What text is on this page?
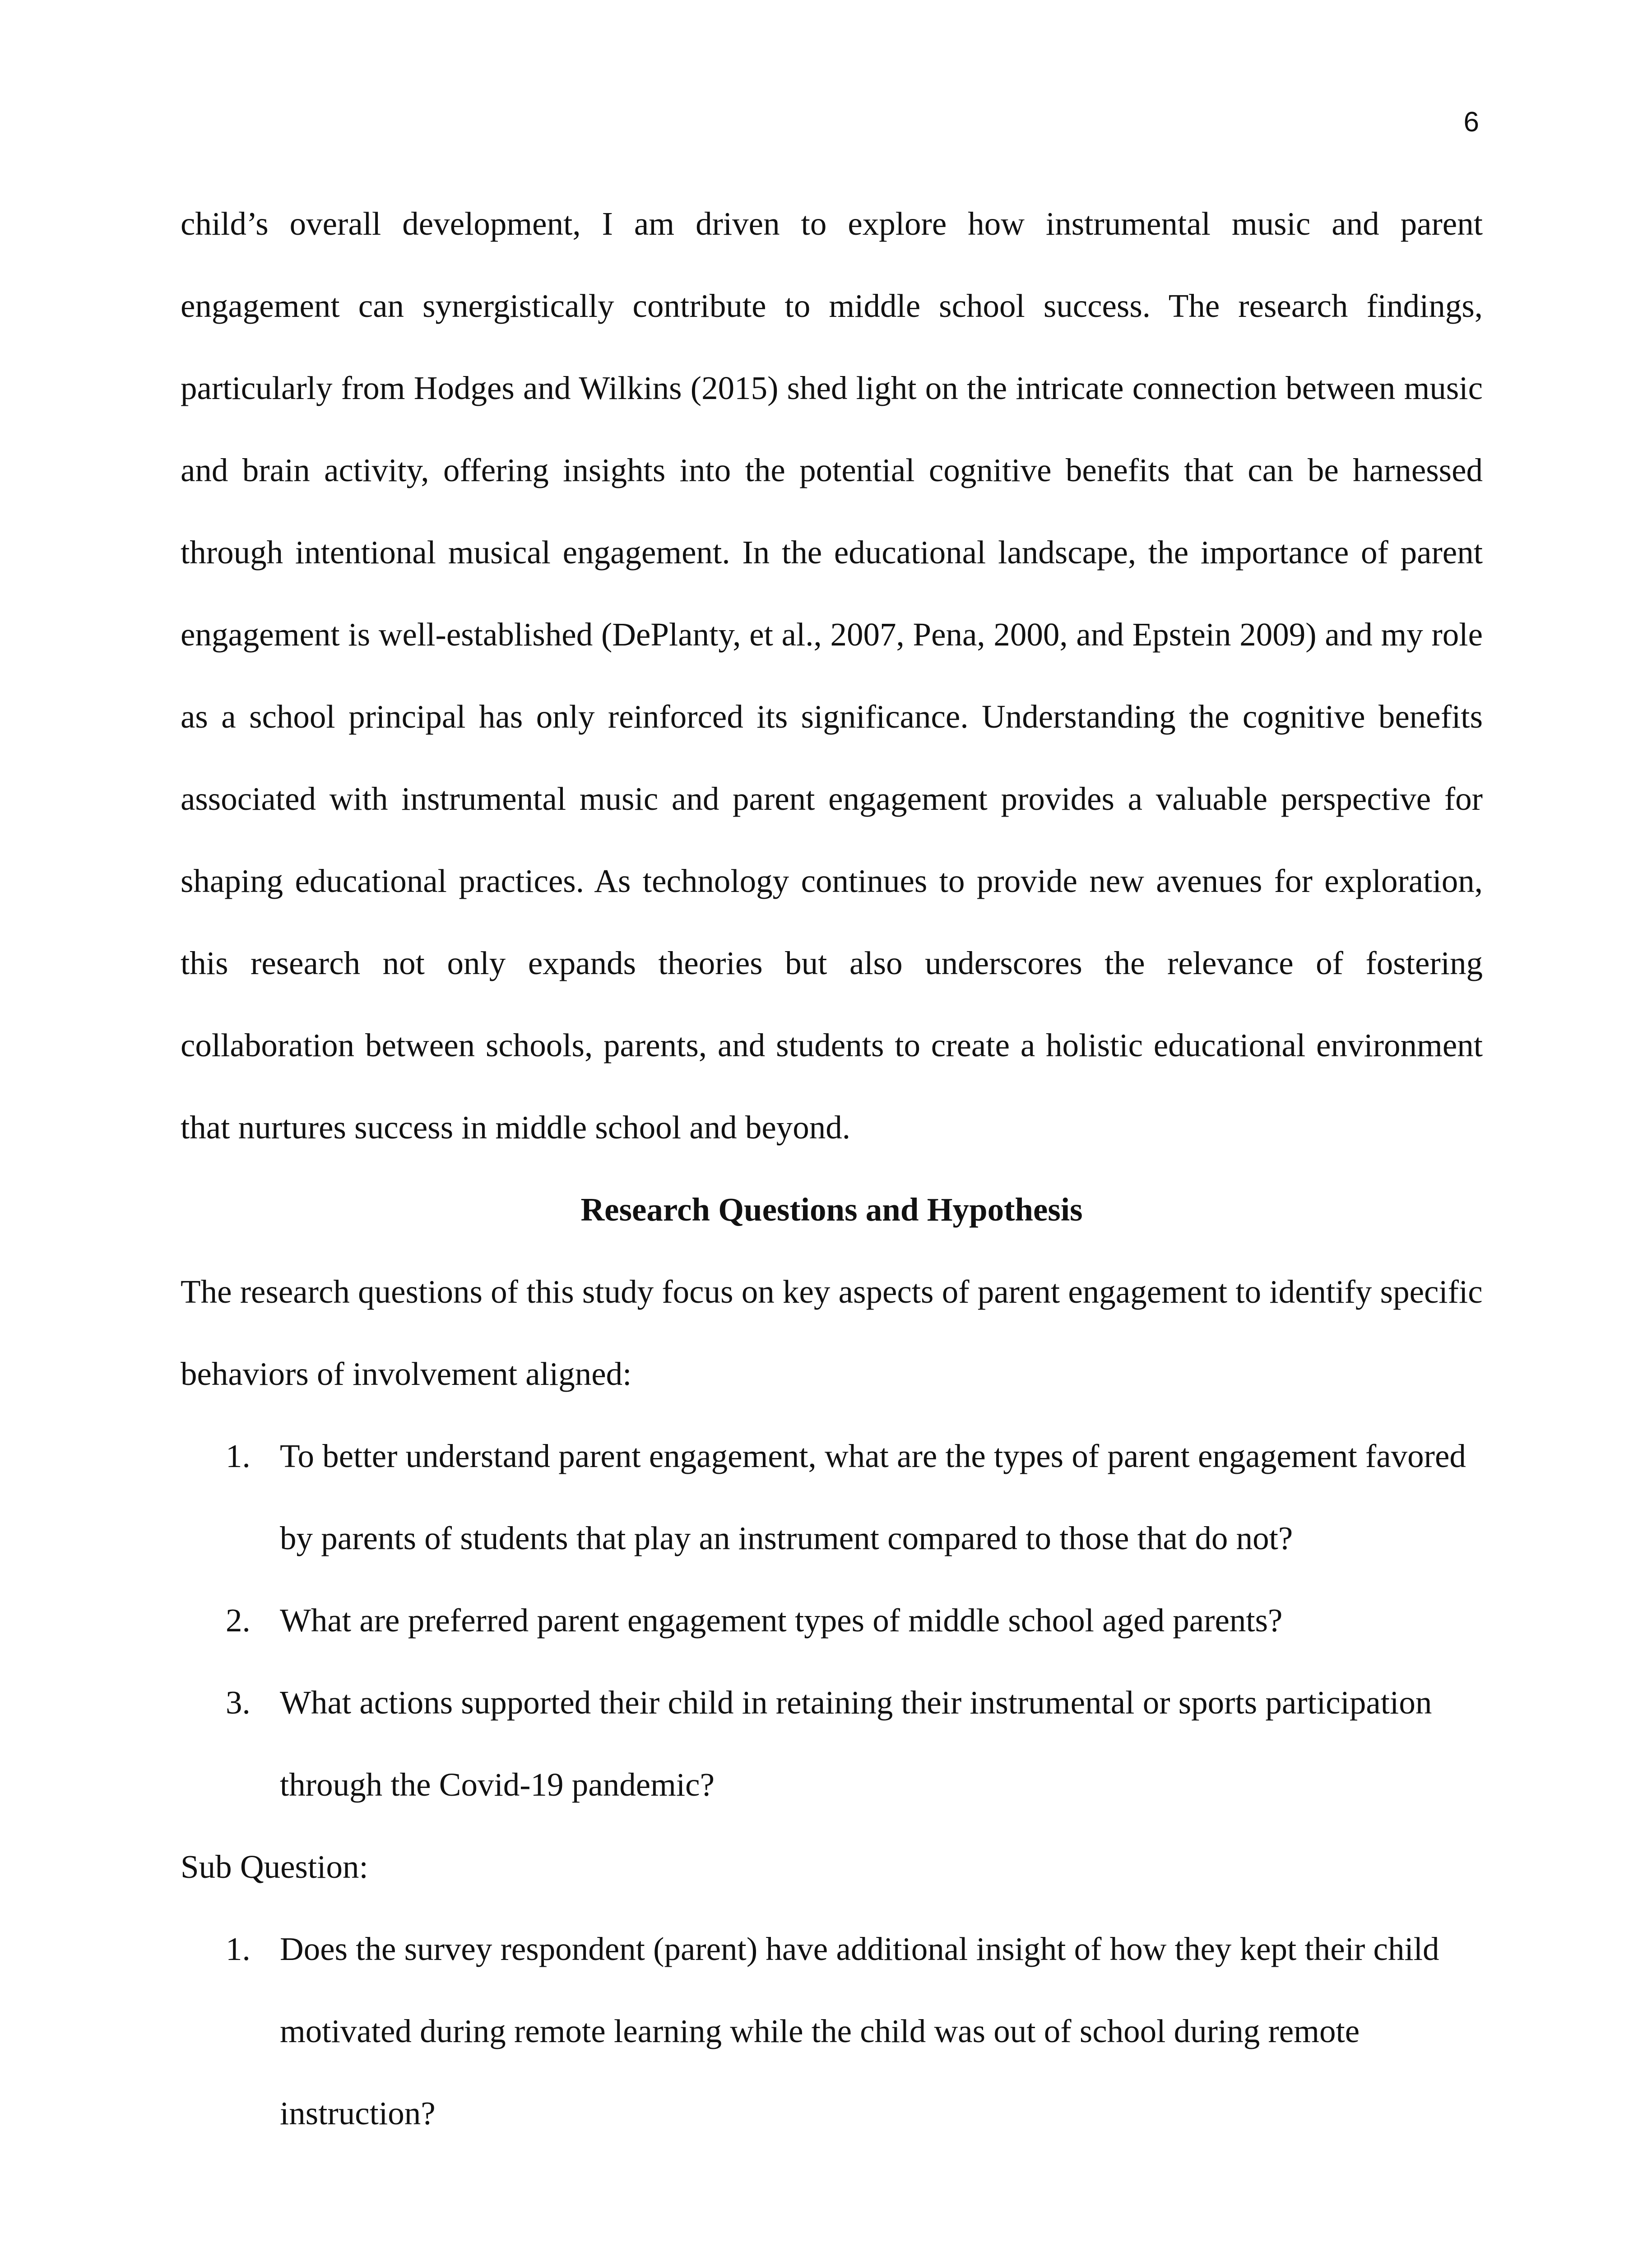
6

child’s overall development, I am driven to explore how instrumental music and parent engagement can synergistically contribute to middle school success. The research findings, particularly from Hodges and Wilkins (2015) shed light on the intricate connection between music and brain activity, offering insights into the potential cognitive benefits that can be harnessed through intentional musical engagement. In the educational landscape, the importance of parent engagement is well-established (DePlanty, et al., 2007, Pena, 2000, and Epstein 2009) and my role as a school principal has only reinforced its significance. Understanding the cognitive benefits associated with instrumental music and parent engagement provides a valuable perspective for shaping educational practices. As technology continues to provide new avenues for exploration, this research not only expands theories but also underscores the relevance of fostering collaboration between schools, parents, and students to create a holistic educational environment that nurtures success in middle school and beyond.

Research Questions and Hypothesis

The research questions of this study focus on key aspects of parent engagement to identify specific behaviors of involvement aligned:

1. To better understand parent engagement, what are the types of parent engagement favored by parents of students that play an instrument compared to those that do not?
2. What are preferred parent engagement types of middle school aged parents?
3. What actions supported their child in retaining their instrumental or sports participation through the Covid-19 pandemic?

Sub Question:

1. Does the survey respondent (parent) have additional insight of how they kept their child motivated during remote learning while the child was out of school during remote instruction?
